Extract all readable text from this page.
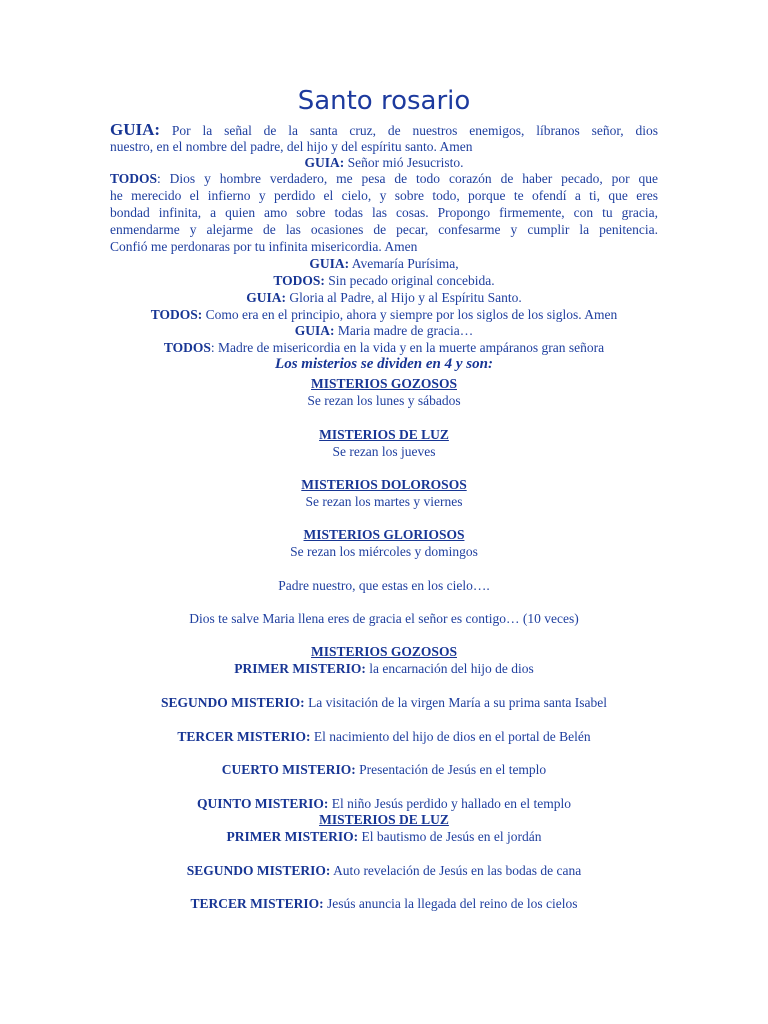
Santo rosario
GUIA: Por la señal de la santa cruz, de nuestros enemigos, líbranos señor, dios
nuestro, en el nombre del padre, del hijo y del espíritu santo. Amen
GUIA: Señor mió Jesucristo.
TODOS: Dios y hombre verdadero, me pesa de todo corazón de haber pecado, por que
he merecido el infierno y perdido el cielo, y sobre todo, porque te ofendí a ti, que eres
bondad infinita, a quien amo sobre todas las cosas. Propongo firmemente, con tu gracia,
enmendarme y alejarme de las ocasiones de pecar, confesarme y cumplir la penitencia.
Confió me perdonaras por tu infinita misericordia. Amen
GUIA: Avemaría Purísima,
TODOS: Sin pecado original concebida.
GUIA: Gloria al Padre, al Hijo y al Espíritu Santo.
TODOS: Como era en el principio, ahora y siempre por los siglos de los siglos. Amen
GUIA: Maria madre de gracia…
TODOS: Madre de misericordia en la vida y en la muerte ampáranos gran señora
Los misterios se dividen en 4 y son:
MISTERIOS GOZOSOS
Se rezan los lunes y sábados
MISTERIOS DE LUZ
Se rezan los jueves
MISTERIOS DOLOROSOS
Se rezan los martes y viernes
MISTERIOS GLORIOSOS
Se rezan los miércoles y domingos
Padre nuestro, que estas en los cielo….
Dios te salve Maria llena eres de gracia el señor es contigo… (10 veces)
MISTERIOS GOZOSOS
PRIMER MISTERIO: la encarnación del hijo de dios
SEGUNDO MISTERIO: La visitación de la virgen María a su prima santa Isabel
TERCER MISTERIO: El nacimiento del hijo de dios en el portal de Belén
CUERTO MISTERIO: Presentación de Jesús en el templo
QUINTO MISTERIO: El niño Jesús perdido y hallado en el templo
MISTERIOS DE LUZ
PRIMER MISTERIO: El bautismo de Jesús en el jordán
SEGUNDO MISTERIO: Auto revelación de Jesús en las bodas de cana
TERCER MISTERIO: Jesús anuncia la llegada del reino de los cielos
